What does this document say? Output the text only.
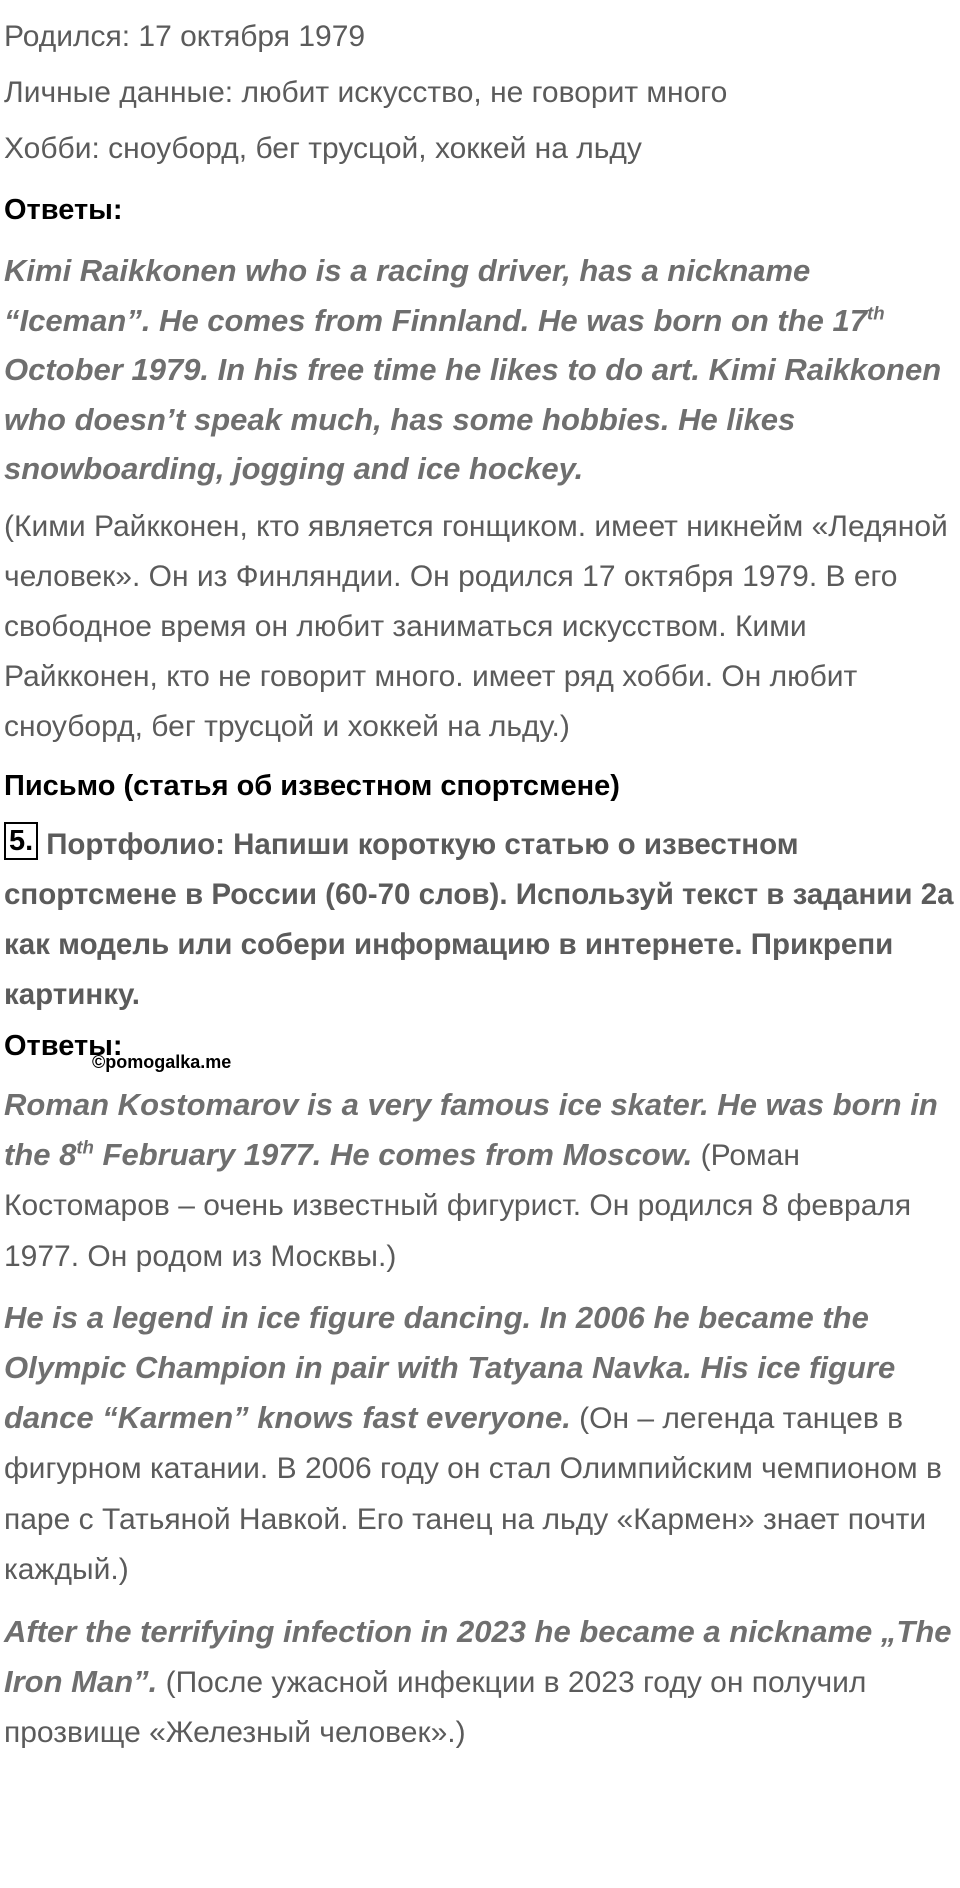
Родился: 17 октября 1979

Личные данные: любит искусство, не говорит много

Хобби: сноуборд, бег трусцой, хоккей на льду

Ответы:

Kimi Raikkonen who is a racing driver, has a nickname “Iceman”. He comes from Finnland. He was born on the 17th October 1979. In his free time he likes to do art. Kimi Raikkonen who doesn’t speak much, has some hobbies. He likes snowboarding, jogging and ice hockey.

(Кими Райкконен, кто является гонщиком. имеет никнейм «Ледяной человек». Он из Финляндии. Он родился 17 октября 1979. В его свободное время он любит заниматься искусством. Кими Райкконен, кто не говорит много. имеет ряд хобби. Он любит сноуборд, бег трусцой и хоккей на льду.)

Письмо (статья об известном спортсмене)

5. Портфолио: Напиши короткую статью о известном спортсмене в России (60-70 слов). Используй текст в задании 2а как модель или собери информацию в интернете. Прикрепи картинку.

Ответы:

©pomogalka.me

Roman Kostomarov is a very famous ice skater. He was born in the 8th February 1977. He comes from Moscow. (Роман Костомаров – очень известный фигурист. Он родился 8 февраля 1977. Он родом из Москвы.)

He is a legend in ice figure dancing. In 2006 he became the Olympic Champion in pair with Tatyana Navka. His ice figure dance “Karmen” knows fast everyone. (Он – легенда танцев в фигурном катании. В 2006 году он стал Олимпийским чемпионом в паре с Татьяной Навкой. Его танец на льду «Кармен» знает почти каждый.)

After the terrifying infection in 2023 he became a nickname „The Iron Man”. (После ужасной инфекции в 2023 году он получил прозвище «Железный человек».)
